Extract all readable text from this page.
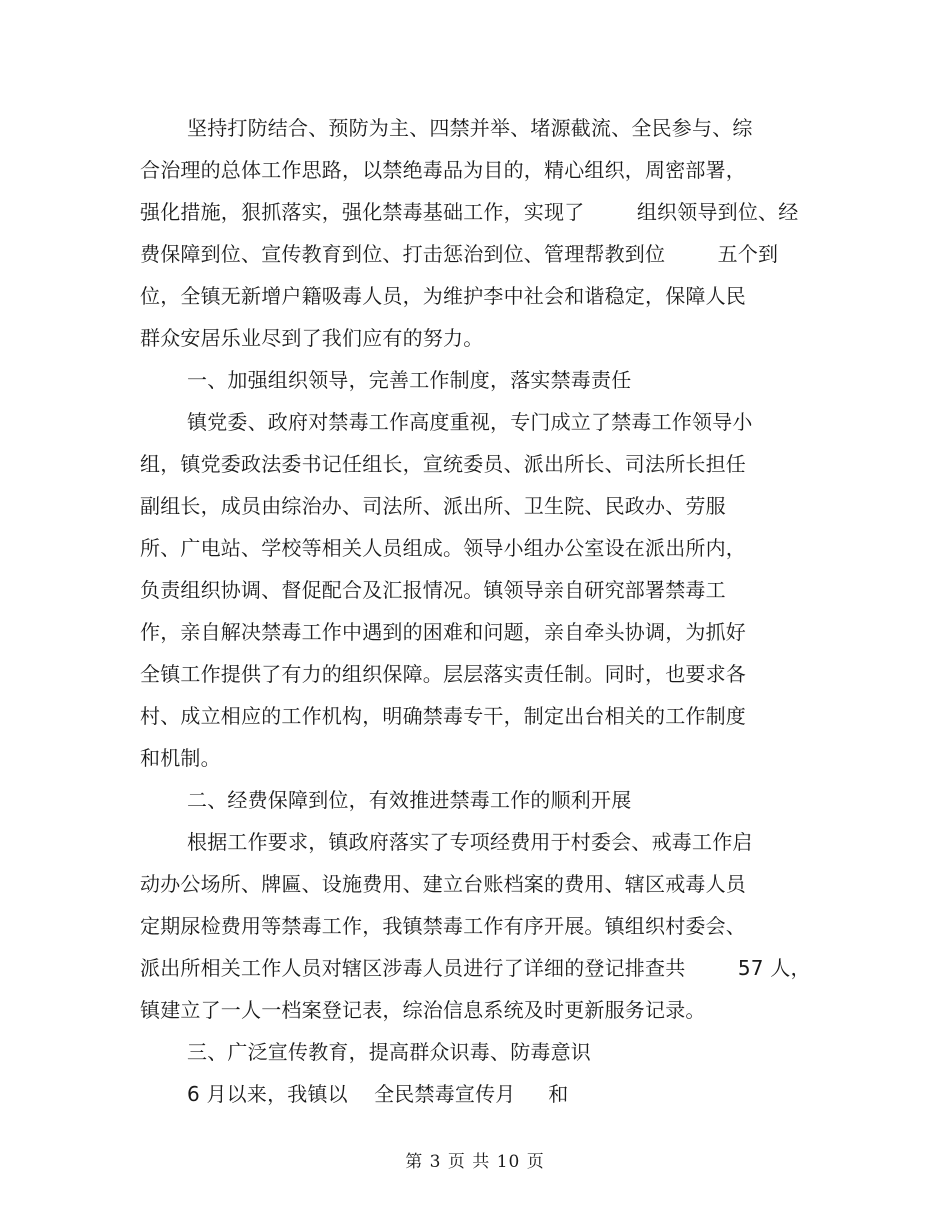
坚持打防结合、预防为主、四禁并举、堵源截流、全民参与、综
合治理的总体工作思路，以禁绝毒品为目的，精心组织，周密部署，
强化措施，狠抓落实，强化禁毒基础工作，实现了        组织领导到位、经
费保障到位、宣传教育到位、打击惩治到位、管理帮教到位        五个到
位，全镇无新增户籍吸毒人员，为维护李中社会和谐稳定，保障人民
群众安居乐业尽到了我们应有的努力。
一、加强组织领导，完善工作制度，落实禁毒责任
镇党委、政府对禁毒工作高度重视，专门成立了禁毒工作领导小
组，镇党委政法委书记任组长，宣统委员、派出所长、司法所长担任
副组长，成员由综治办、司法所、派出所、卫生院、民政办、劳服
所、广电站、学校等相关人员组成。领导小组办公室设在派出所内，
负责组织协调、督促配合及汇报情况。镇领导亲自研究部署禁毒工
作，亲自解决禁毒工作中遇到的困难和问题，亲自牵头协调，为抓好
全镇工作提供了有力的组织保障。层层落实责任制。同时，也要求各
村、成立相应的工作机构，明确禁毒专干，制定出台相关的工作制度
和机制。
二、经费保障到位，有效推进禁毒工作的顺利开展
根据工作要求，镇政府落实了专项经费用于村委会、戒毒工作启
动办公场所、牌匾、设施费用、建立台账档案的费用、辖区戒毒人员
定期尿检费用等禁毒工作，我镇禁毒工作有序开展。镇组织村委会、
派出所相关工作人员对辖区涉毒人员进行了详细的登记排查共        57 人，
镇建立了一人一档案登记表，综治信息系统及时更新服务记录。
三、广泛宣传教育，提高群众识毒、防毒意识
6 月以来，我镇以    全民禁毒宣传月     和
第 3 页 共 10 页
